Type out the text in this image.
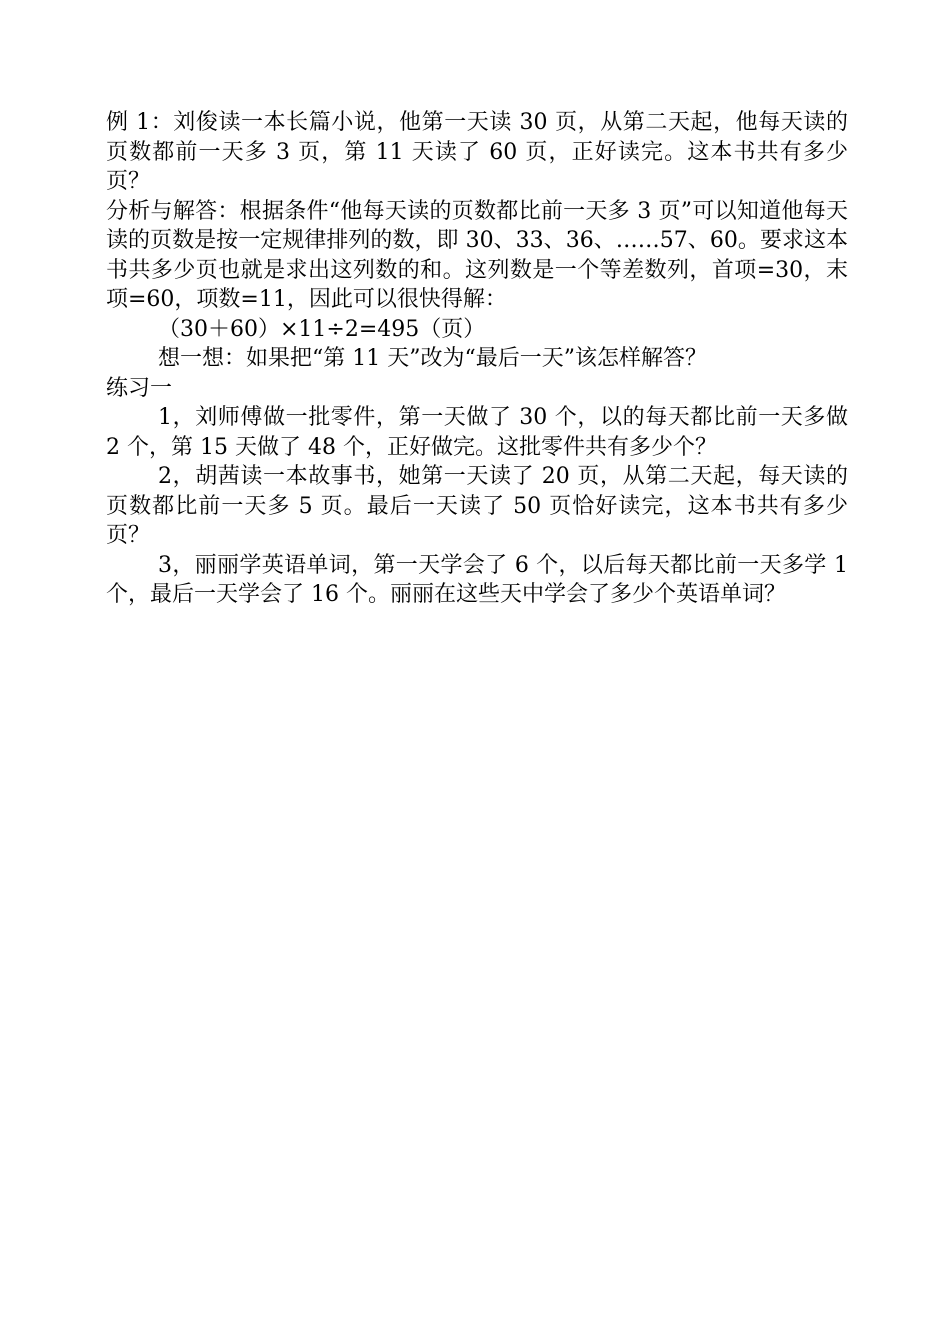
例 1：刘俊读一本长篇小说，他第一天读 30 页，从第二天起，他每天读的页数都前一天多 3 页，第 11 天读了 60 页，正好读完。这本书共有多少页？

分析与解答：根据条件“他每天读的页数都比前一天多 3 页”可以知道他每天读的页数是按一定规律排列的数，即 30、33、36、……57、60。要求这本书共多少页也就是求出这列数的和。这列数是一个等差数列，首项=30，末项=60，项数=11，因此可以很快得解：

（30＋60）×11÷2=495（页）

想一想：如果把“第 11 天”改为“最后一天”该怎样解答？

练习一

1，刘师傅做一批零件，第一天做了 30 个，以的每天都比前一天多做 2 个，第 15 天做了 48 个，正好做完。这批零件共有多少个？

2，胡茜读一本故事书，她第一天读了 20 页，从第二天起，每天读的页数都比前一天多 5 页。最后一天读了 50 页恰好读完，这本书共有多少页？

3，丽丽学英语单词，第一天学会了 6 个，以后每天都比前一天多学 1 个，最后一天学会了 16 个。丽丽在这些天中学会了多少个英语单词？
